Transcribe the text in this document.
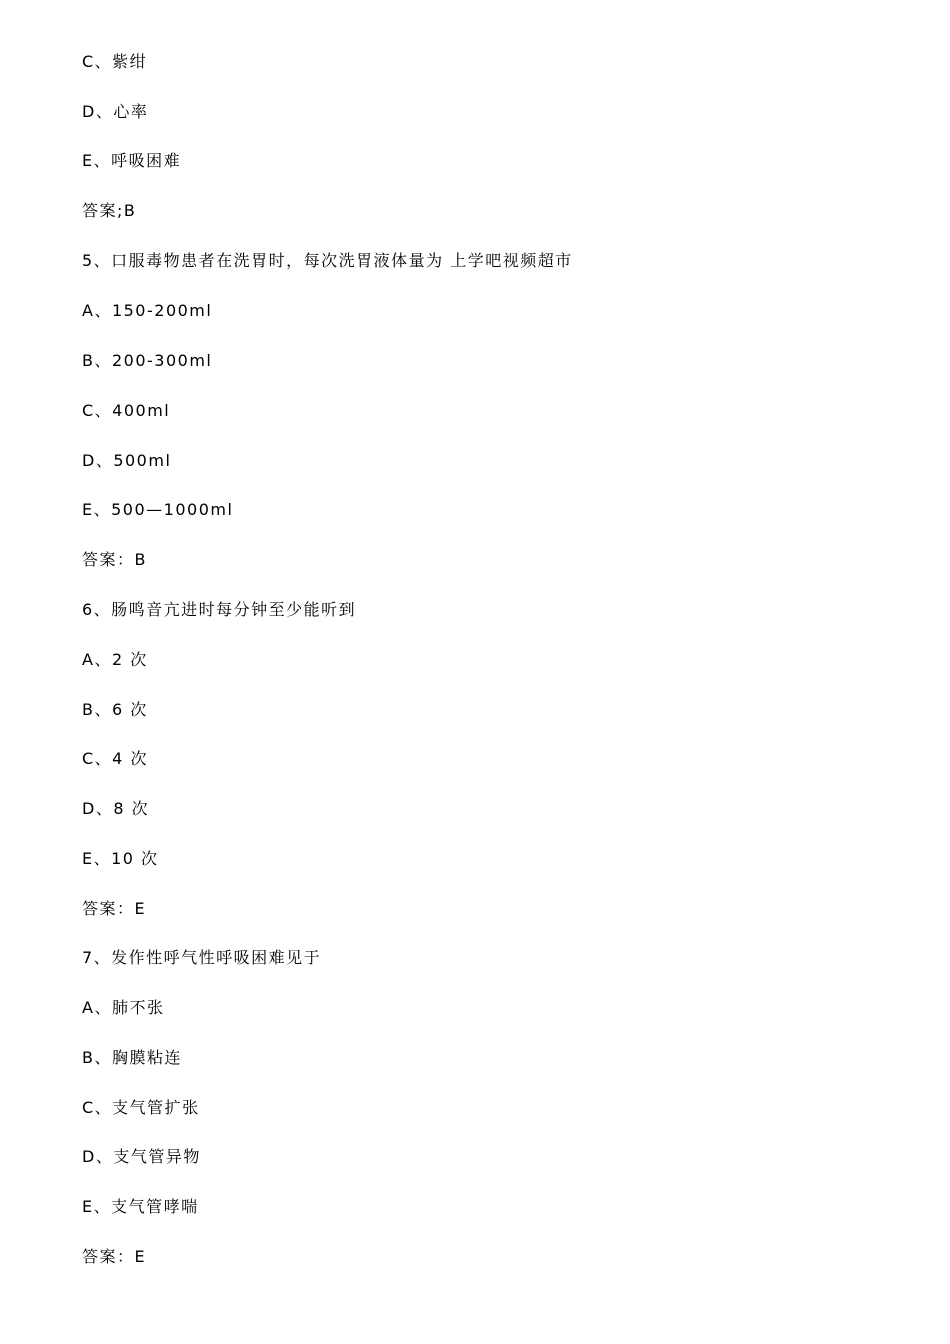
C、紫绀
D、心率
E、呼吸困难
答案;B
5、口服毒物患者在洗胃时，每次洗胃液体量为 上学吧视频超市
A、150-200ml
B、200-300ml
C、400ml
D、500ml
E、500—1000ml
答案：B
6、肠鸣音亢进时每分钟至少能听到
A、2 次
B、6 次
C、4 次
D、8 次
E、10 次
答案：E
7、发作性呼气性呼吸困难见于
A、肺不张
B、胸膜粘连
C、支气管扩张
D、支气管异物
E、支气管哮喘
答案：E
